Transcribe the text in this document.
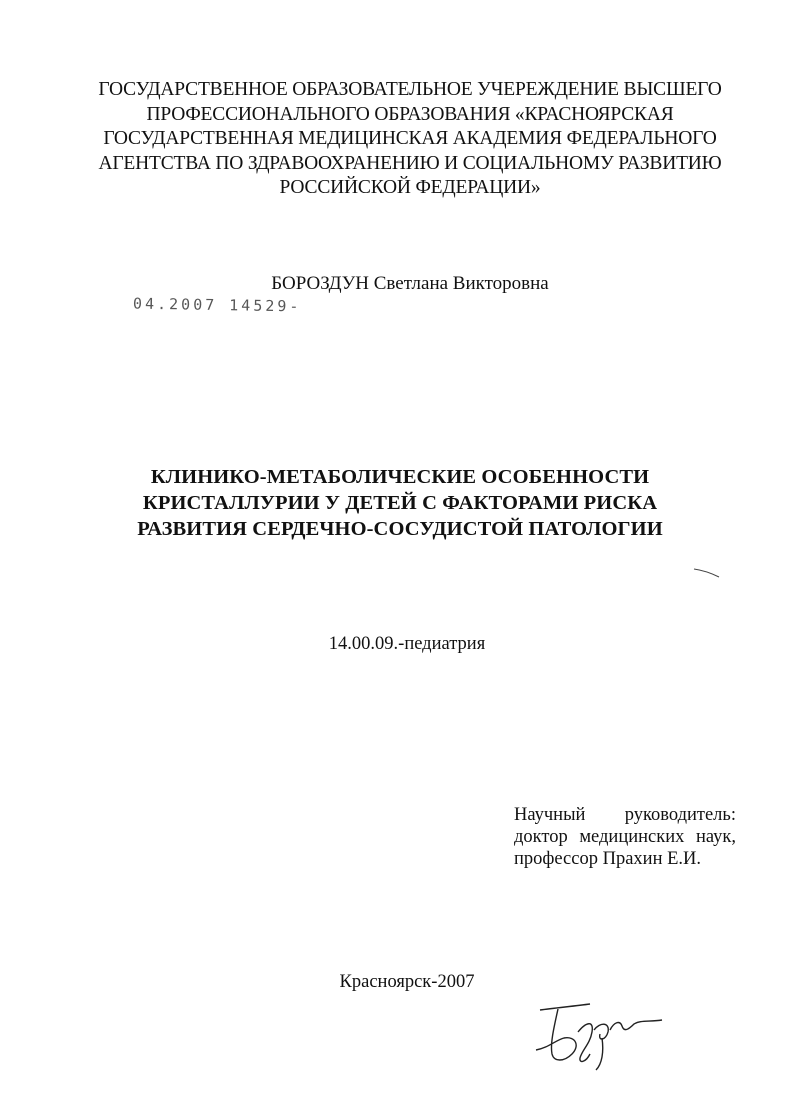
ГОСУДАРСТВЕННОЕ ОБРАЗОВАТЕЛЬНОЕ УЧЕРЕЖДЕНИЕ ВЫСШЕГО
ПРОФЕССИОНАЛЬНОГО ОБРАЗОВАНИЯ «КРАСНОЯРСКАЯ
ГОСУДАРСТВЕННАЯ МЕДИЦИНСКАЯ АКАДЕМИЯ ФЕДЕРАЛЬНОГО
АГЕНТСТВА ПО ЗДРАВООХРАНЕНИЮ И СОЦИАЛЬНОМУ РАЗВИТИЮ
РОССИЙСКОЙ ФЕДЕРАЦИИ»
БОРОЗДУН Светлана Викторовна
04.2007 14529-
КЛИНИКО-МЕТАБОЛИЧЕСКИЕ ОСОБЕННОСТИ
КРИСТАЛЛУРИИ У ДЕТЕЙ С ФАКТОРАМИ РИСКА
РАЗВИТИЯ СЕРДЕЧНО-СОСУДИСТОЙ ПАТОЛОГИИ
14.00.09.-педиатрия
Научный руководитель:
доктор медицинских наук,
профессор Прахин Е.И.
Красноярск-2007
